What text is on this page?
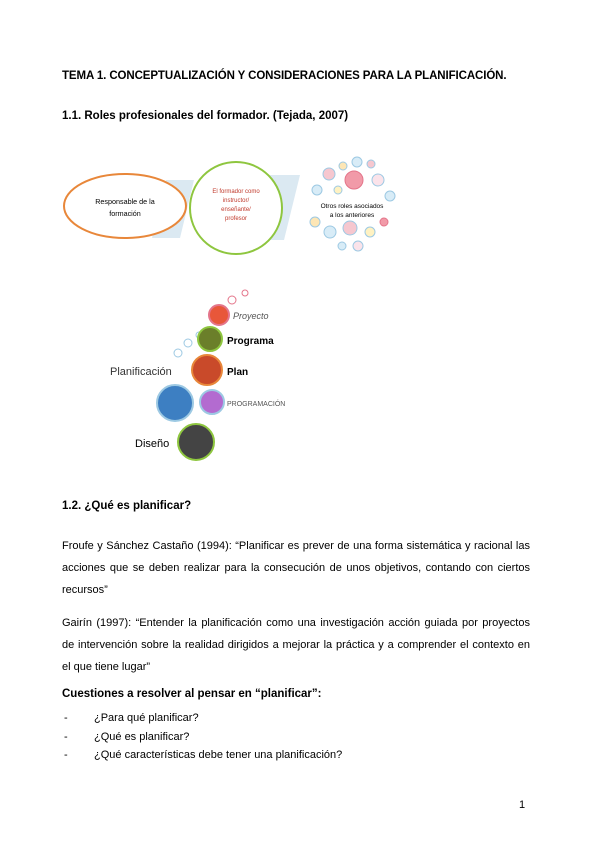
TEMA 1. CONCEPTUALIZACIÓN Y CONSIDERACIONES PARA LA PLANIFICACIÓN.
1.1. Roles profesionales del formador. (Tejada, 2007)
Responsable de la
formación
El formador como
instructor/
enseñante/
profesor
Otros roles asociados
a los anteriores
Proyecto
Programa
Planificación	Plan
PROGRAMACIÓN
Diseño
1.2. ¿Qué es planificar?
Froufe y Sánchez Castaño (1994): “Planificar es prever de una forma sistemática y racional las acciones que se deben realizar para la consecución de unos objetivos, contando con ciertos recursos”
Gairín (1997): “Entender la planificación como una investigación acción guiada por proyectos de intervención sobre la realidad dirigidos a mejorar la práctica y a comprender el contexto en el que tiene lugar”
Cuestiones a resolver al pensar en “planificar”:
-	¿Para qué planificar?
-	¿Qué es planificar?
-	¿Qué características debe tener una planificación?
1
